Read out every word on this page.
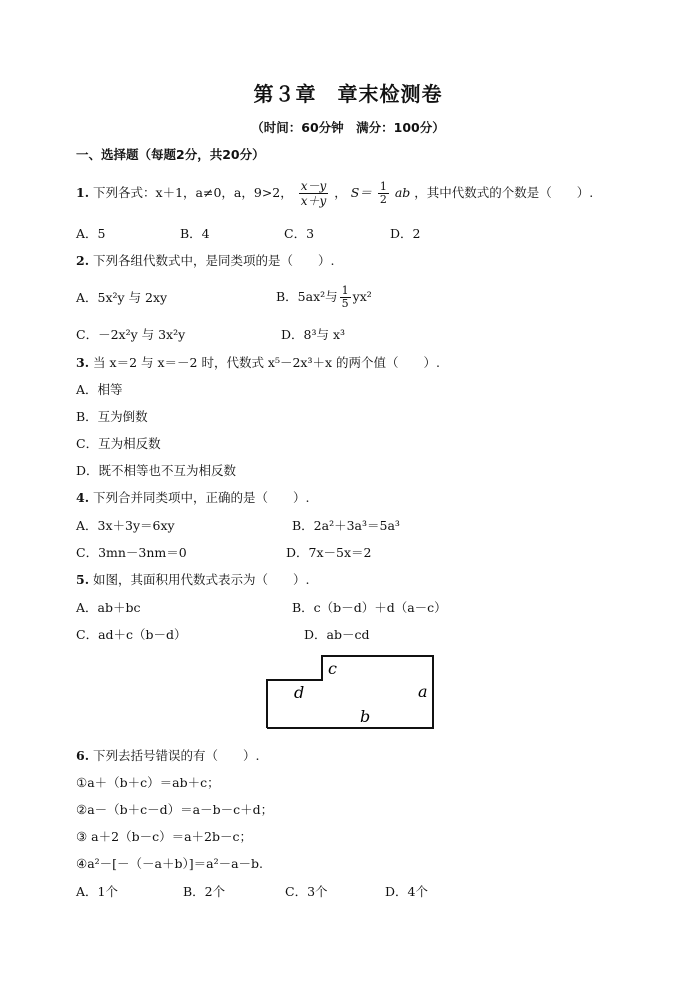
第３章　章末检测卷
（时间：60分钟　满分：100分）
一、选择题（每题2分，共20分）
1. 下列各式：x＋1，a≠0，a，9>2， $\frac{x-y}{x+y}$ ， $S= \frac{1}{2}$ ab ，其中代数式的个数是（　　）.
A．5	B．4	C．3	D．2
2. 下列各组代数式中，是同类项的是（　　）.
A．5x²y 与 2xy	B．5ax²与 $\frac{1}{5} yx^2$
C．－2x²y 与 3x²y	D．8³与 x³
3. 当 x＝2 与 x＝－2 时，代数式 x⁵－2x³＋x 的两个值（　　）.
A．相等
B．互为倒数
C．互为相反数
D．既不相等也不互为相反数
4. 下列合并同类项中，正确的是（　　）.
A．3x＋3y＝6xy	B．2a²＋3a³＝5a³
C．3mn－3nm＝0	D．7x－5x＝2
5. 如图，其面积用代数式表示为（　　）.
A．ab＋bc	B．c（b－d）＋d（a－c）
C．ad＋c（b－d）	D．ab－cd
c
d	a
b
6. 下列去括号错误的有（　　）.
①a＋（b＋c）＝ab＋c；
②a－（b＋c－d）＝a－b－c＋d；
③ a＋2（b－c）＝a＋2b－c；
④a²－[－（－a＋b）]＝a²－a－b.
A．1个	B．2个	C．3个	D．4个
